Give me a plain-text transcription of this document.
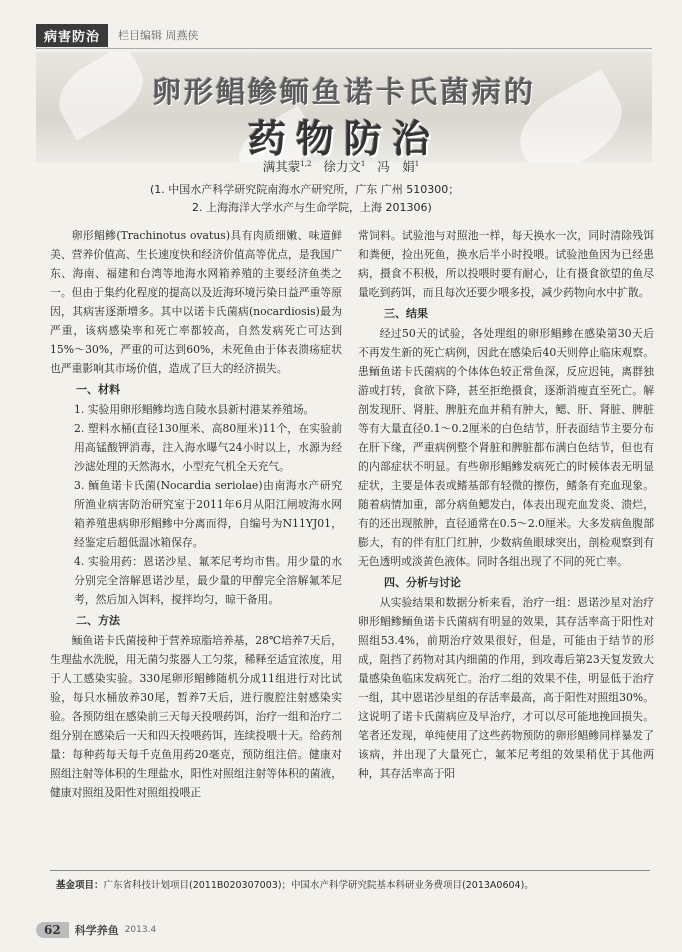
病害防治	栏目编辑 周燕侠
卵形鲳鲹鲕鱼诺卡氏菌病的
药物防治
满其蒙$^{1,2}$ 徐力文$^1$ 冯　娟$^1$
(1. 中国水产科学研究院南海水产研究所，广东 广州 510300；
2. 上海海洋大学水产与生命学院，上海 201306)

卵形鲳鲹(Trachinotus ovatus)具有肉质细嫩、味道鲜美、营养价值高、生长速度快和经济价值高等优点，是我国广东、海南、福建和台湾等地海水网箱养殖的主要经济鱼类之一。但由于集约化程度的提高以及近海环境污染日益严重等原因，其病害逐渐增多。其中以诺卡氏菌病(nocardiosis)最为严重，该病感染率和死亡率都较高，自然发病死亡可达到15%～30%，严重的可达到60%，未死鱼由于体表溃疡症状也严重影响其市场价值，造成了巨大的经济损失。

一、材料

1. 实验用卵形鲳鲹均选自陵水县新村港某养殖场。

2. 塑料水桶(直径130厘米、高80厘米)11个，在实验前用高锰酸钾消毒，注入海水曝气24小时以上，水源为经沙滤处理的天然海水，小型充气机全天充气。

3. 鲕鱼诺卡氏菌(Nocardia seriolae)由南海水产研究所渔业病害防治研究室于2011年6月从阳江闸坡海水网箱养殖患病卵形鲳鲹中分离而得，自编号为N11YJ01，经鉴定后超低温冰箱保存。

4. 实验用药：恩诺沙星、氟苯尼考均市售。用少量的水分别完全溶解恩诺沙星，最少量的甲醇完全溶解氟苯尼考，然后加入饵料，搅拌均匀，晾干备用。

二、方法

鲕鱼诺卡氏菌接种于营养琼脂培养基，28℃培养7天后，生理盐水洗脱，用无菌匀浆器人工匀浆，稀释至适宜浓度，用于人工感染实验。330尾卵形鲳鲹随机分成11组进行对比试验，每只水桶放养30尾，暂养7天后，进行腹腔注射感染实验。各预防组在感染前三天每天投喂药饵，治疗一组和治疗二组分别在感染后一天和四天投喂药饵，连续投喂十天。给药剂量：每种药每天每千克鱼用药20毫克，预防组注倍。健康对照组注射等体积的生理盐水，阳性对照组注射等体积的菌液，健康对照组及阳性对照组投喂正

常饲料。试验池与对照池一样，每天换水一次，同时清除残饵和粪便，捡出死鱼，换水后半小时投喂。试验池鱼因为已经患病，摄食不积极，所以投喂时要有耐心，让有摄食欲望的鱼尽量吃到药饵，而且每次还要少喂多投，减少药物向水中扩散。

三、结果

经过50天的试验，各处理组的卵形鲳鲹在感染第30天后不再发生新的死亡病例，因此在感染后40天则停止临床观察。患鲕鱼诺卡氏菌病的个体体色较正常鱼深，反应迟钝，离群独游或打转，食欲下降，甚至拒绝摄食，逐渐消瘦直至死亡。解剖发现肝、肾脏、脾脏充血并稍有肿大，鳃、肝、肾脏、脾脏等有大量直径0.1～0.2厘米的白色结节，肝表面结节主要分布在肝下缘，严重病例整个肾脏和脾脏都布满白色结节，但也有的内部症状不明显。有些卵形鲳鲹发病死亡的时候体表无明显症状，主要是体表或鳍基部有轻微的擦伤，鳍条有充血现象。随着病情加重，部分病鱼鳃发白，体表出现充血发炎、溃烂，有的还出现脓肿，直径通常在0.5～2.0厘米。大多发病鱼腹部膨大，有的伴有肛门红肿，少数病鱼眼球突出，剖检观察到有无色透明或淡黄色液体。同时各组出现了不同的死亡率。

四、分析与讨论

从实验结果和数据分析来看，治疗一组：恩诺沙星对治疗卵形鲳鲹鲕鱼诺卡氏菌病有明显的效果，其存活率高于阳性对照组53.4%，前期治疗效果很好，但是，可能由于结节的形成，阻挡了药物对其内细菌的作用，到攻毒后第23天复发致大量感染鱼临床发病死亡。治疗二组的效果不佳，明显低于治疗一组，其中恩诺沙星组的存活率最高，高于阳性对照组30%。这说明了诺卡氏菌病应及早治疗，才可以尽可能地挽回损失。笔者还发现，单纯使用了这些药物预防的卵形鲳鲹同样暴发了该病，并出现了大量死亡，氟苯尼考组的效果稍优于其他两种，其存活率高于阳

基金项目：广东省科技计划项目(2011B020307003)；中国水产科学研究院基本科研业务费项目(2013A0604)。
62	科学养鱼 2013.4
